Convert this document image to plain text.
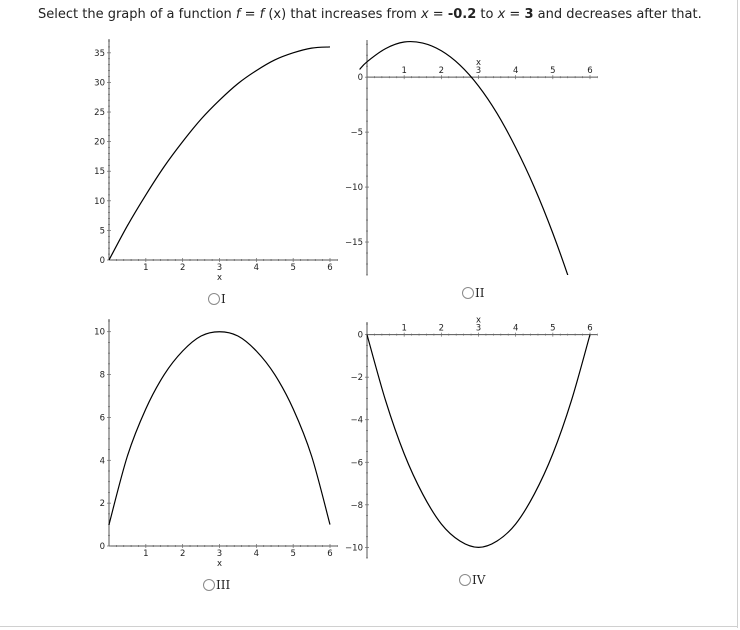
Select the graph of a function f = f (x) that increases from x = -0.2 to x = 3 and decreases after that.
1	2	3	4	5	6
0
5
10
15
20
25
30
35
x
1	2	3	4	5	6
0
−5
−10
−15
x
1	2	3	4	5	6
0
2
4
6
8
10
x
1	2	3	4	5	6
0
−2
−4
−6
−8
−10
x
I	II
III	IV
